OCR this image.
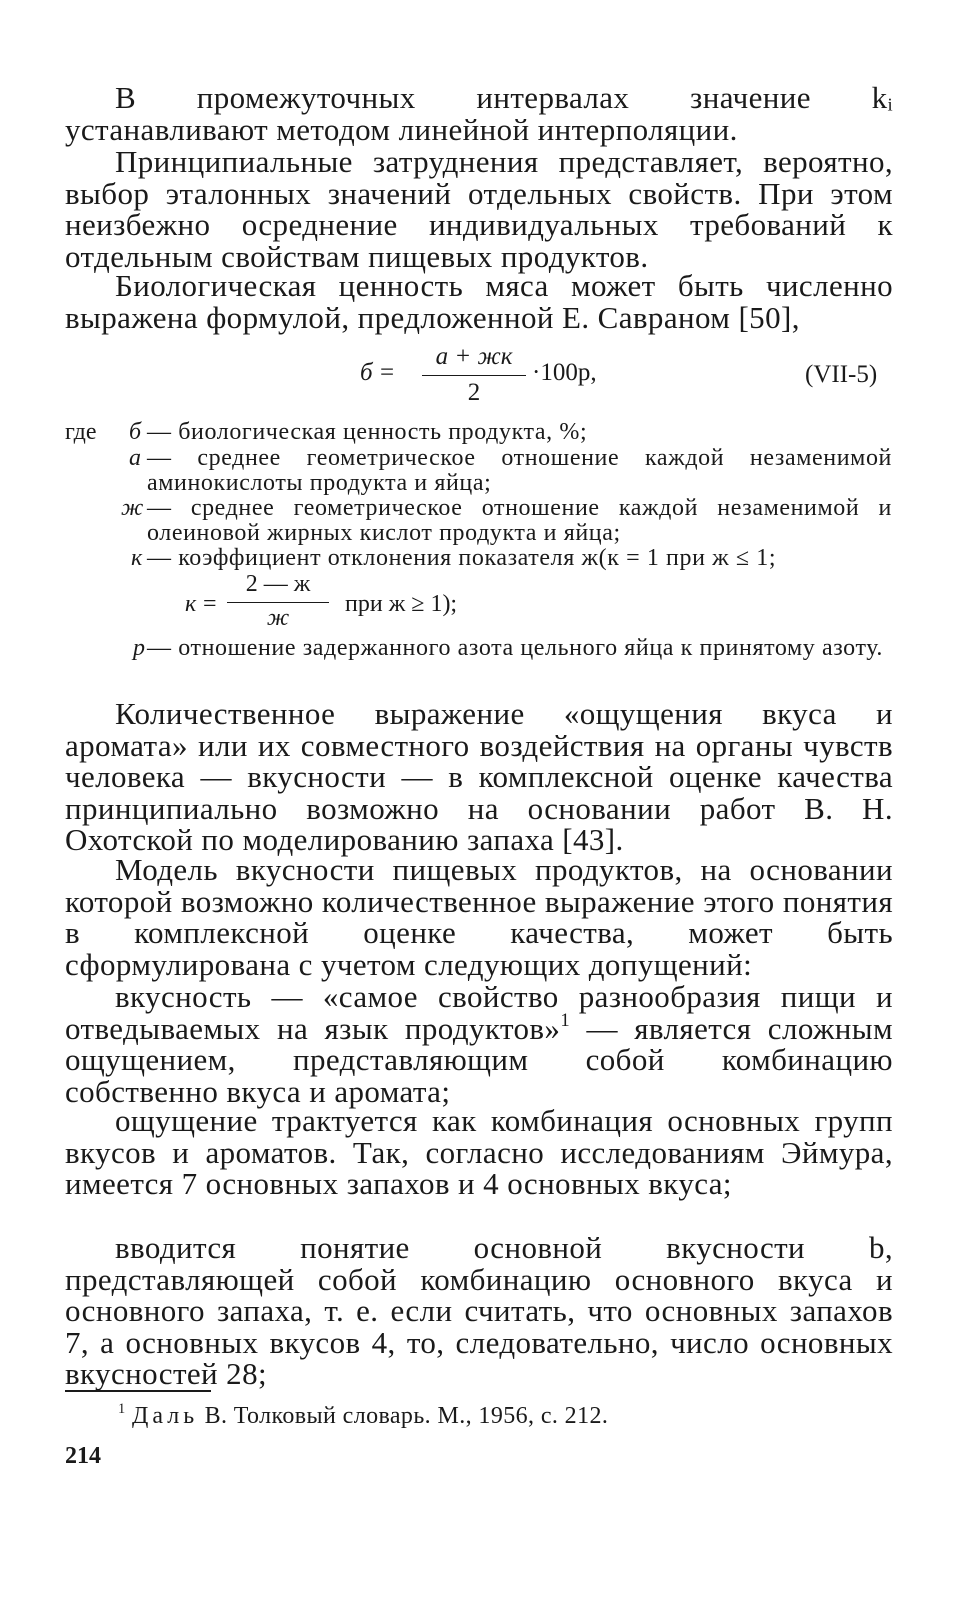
В промежуточных интервалах значение kᵢ устанавливают методом линейной интерполяции.

Принципиальные затруднения представляет, вероятно, выбор эталонных значений отдельных свойств. При этом неизбежно осреднение индивидуальных требований к отдельным свойствам пищевых продуктов.

Биологическая ценность мяса может быть численно выражена формулой, предложенной Е. Савраном [50],

б =
а + жк
2
·100p,	(VII-5)
где	б — биологическая ценность продукта, %;
а — среднее геометрическое отношение каждой незаменимой аминокислоты продукта и яйца;
ж — среднее геометрическое отношение каждой незаменимой и олеиновой жирных кислот продукта и яйца;
к — коэффициент отклонения показателя ж(к = 1 при ж ≤ 1;
к =
2 — ж
ж
при ж ≥ 1);
p — отношение задержанного азота цельного яйца к принятому азоту.

Количественное выражение «ощущения вкуса и аромата» или их совместного воздействия на органы чувств человека — вкусности — в комплексной оценке качества принципиально возможно на основании работ В. Н. Охотской по моделированию запаха [43].

Модель вкусности пищевых продуктов, на основании которой возможно количественное выражение этого понятия в комплексной оценке качества, может быть сформулирована с учетом следующих допущений:

вкусность — «самое свойство разнообразия пищи и отведываемых на язык продуктов»$^1$ — является сложным ощущением, представляющим собой комбинацию собственно вкуса и аромата;

ощущение трактуется как комбинация основных групп вкусов и ароматов. Так, согласно исследованиям Эймура, имеется 7 основных запахов и 4 основных вкуса;

вводится понятие основной вкусности b, представляющей собой комбинацию основного вкуса и основного запаха, т. е. если считать, что основных запахов 7, а основных вкусов 4, то, следовательно, число основных вкусностей 28;

$^1$ Даль В. Толковый словарь. М., 1956, с. 212.
214
